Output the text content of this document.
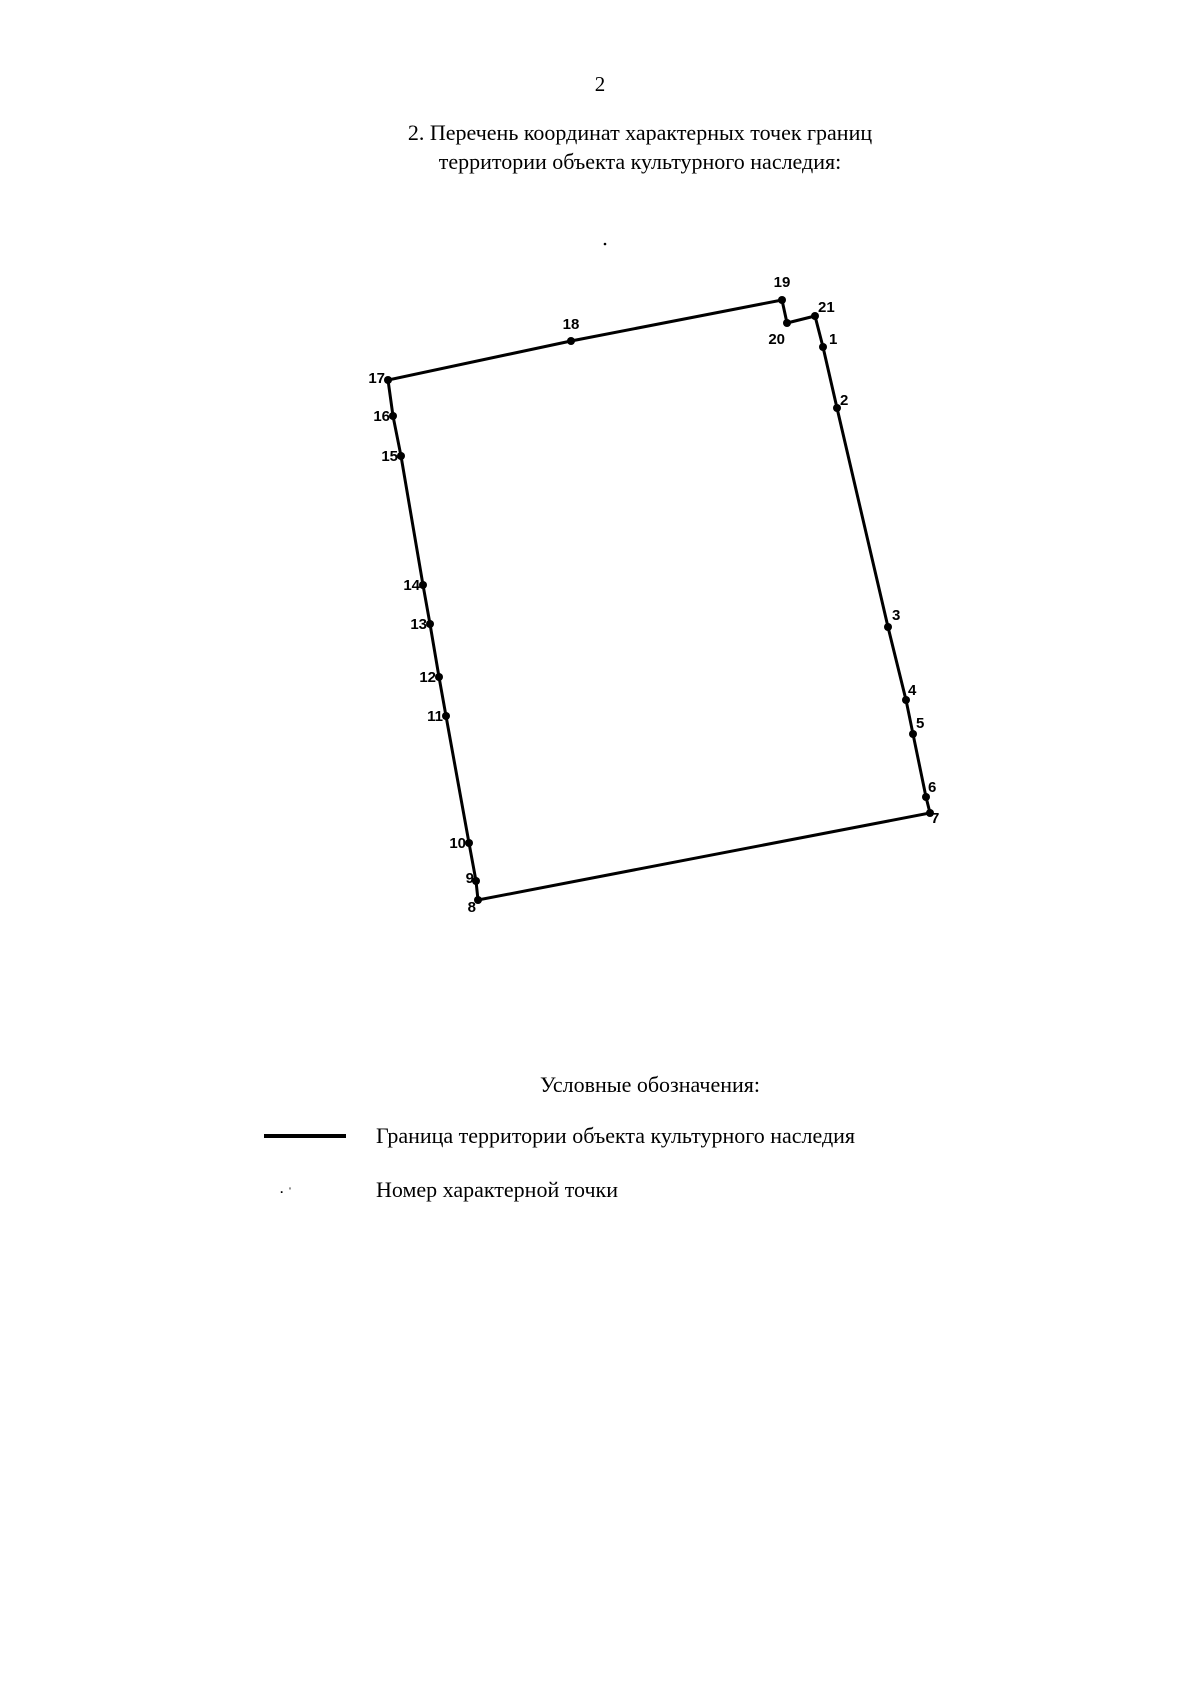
2
2. Перечень координат характерных точек границ
территории объекта культурного наследия:
1
2
3
4
5
6
7
8
9
10
11
12
13
14
15
16
17
18
19
20
21
Условные обозначения:
Граница территории объекта культурного наследия
·ˈ	Номер характерной точки
